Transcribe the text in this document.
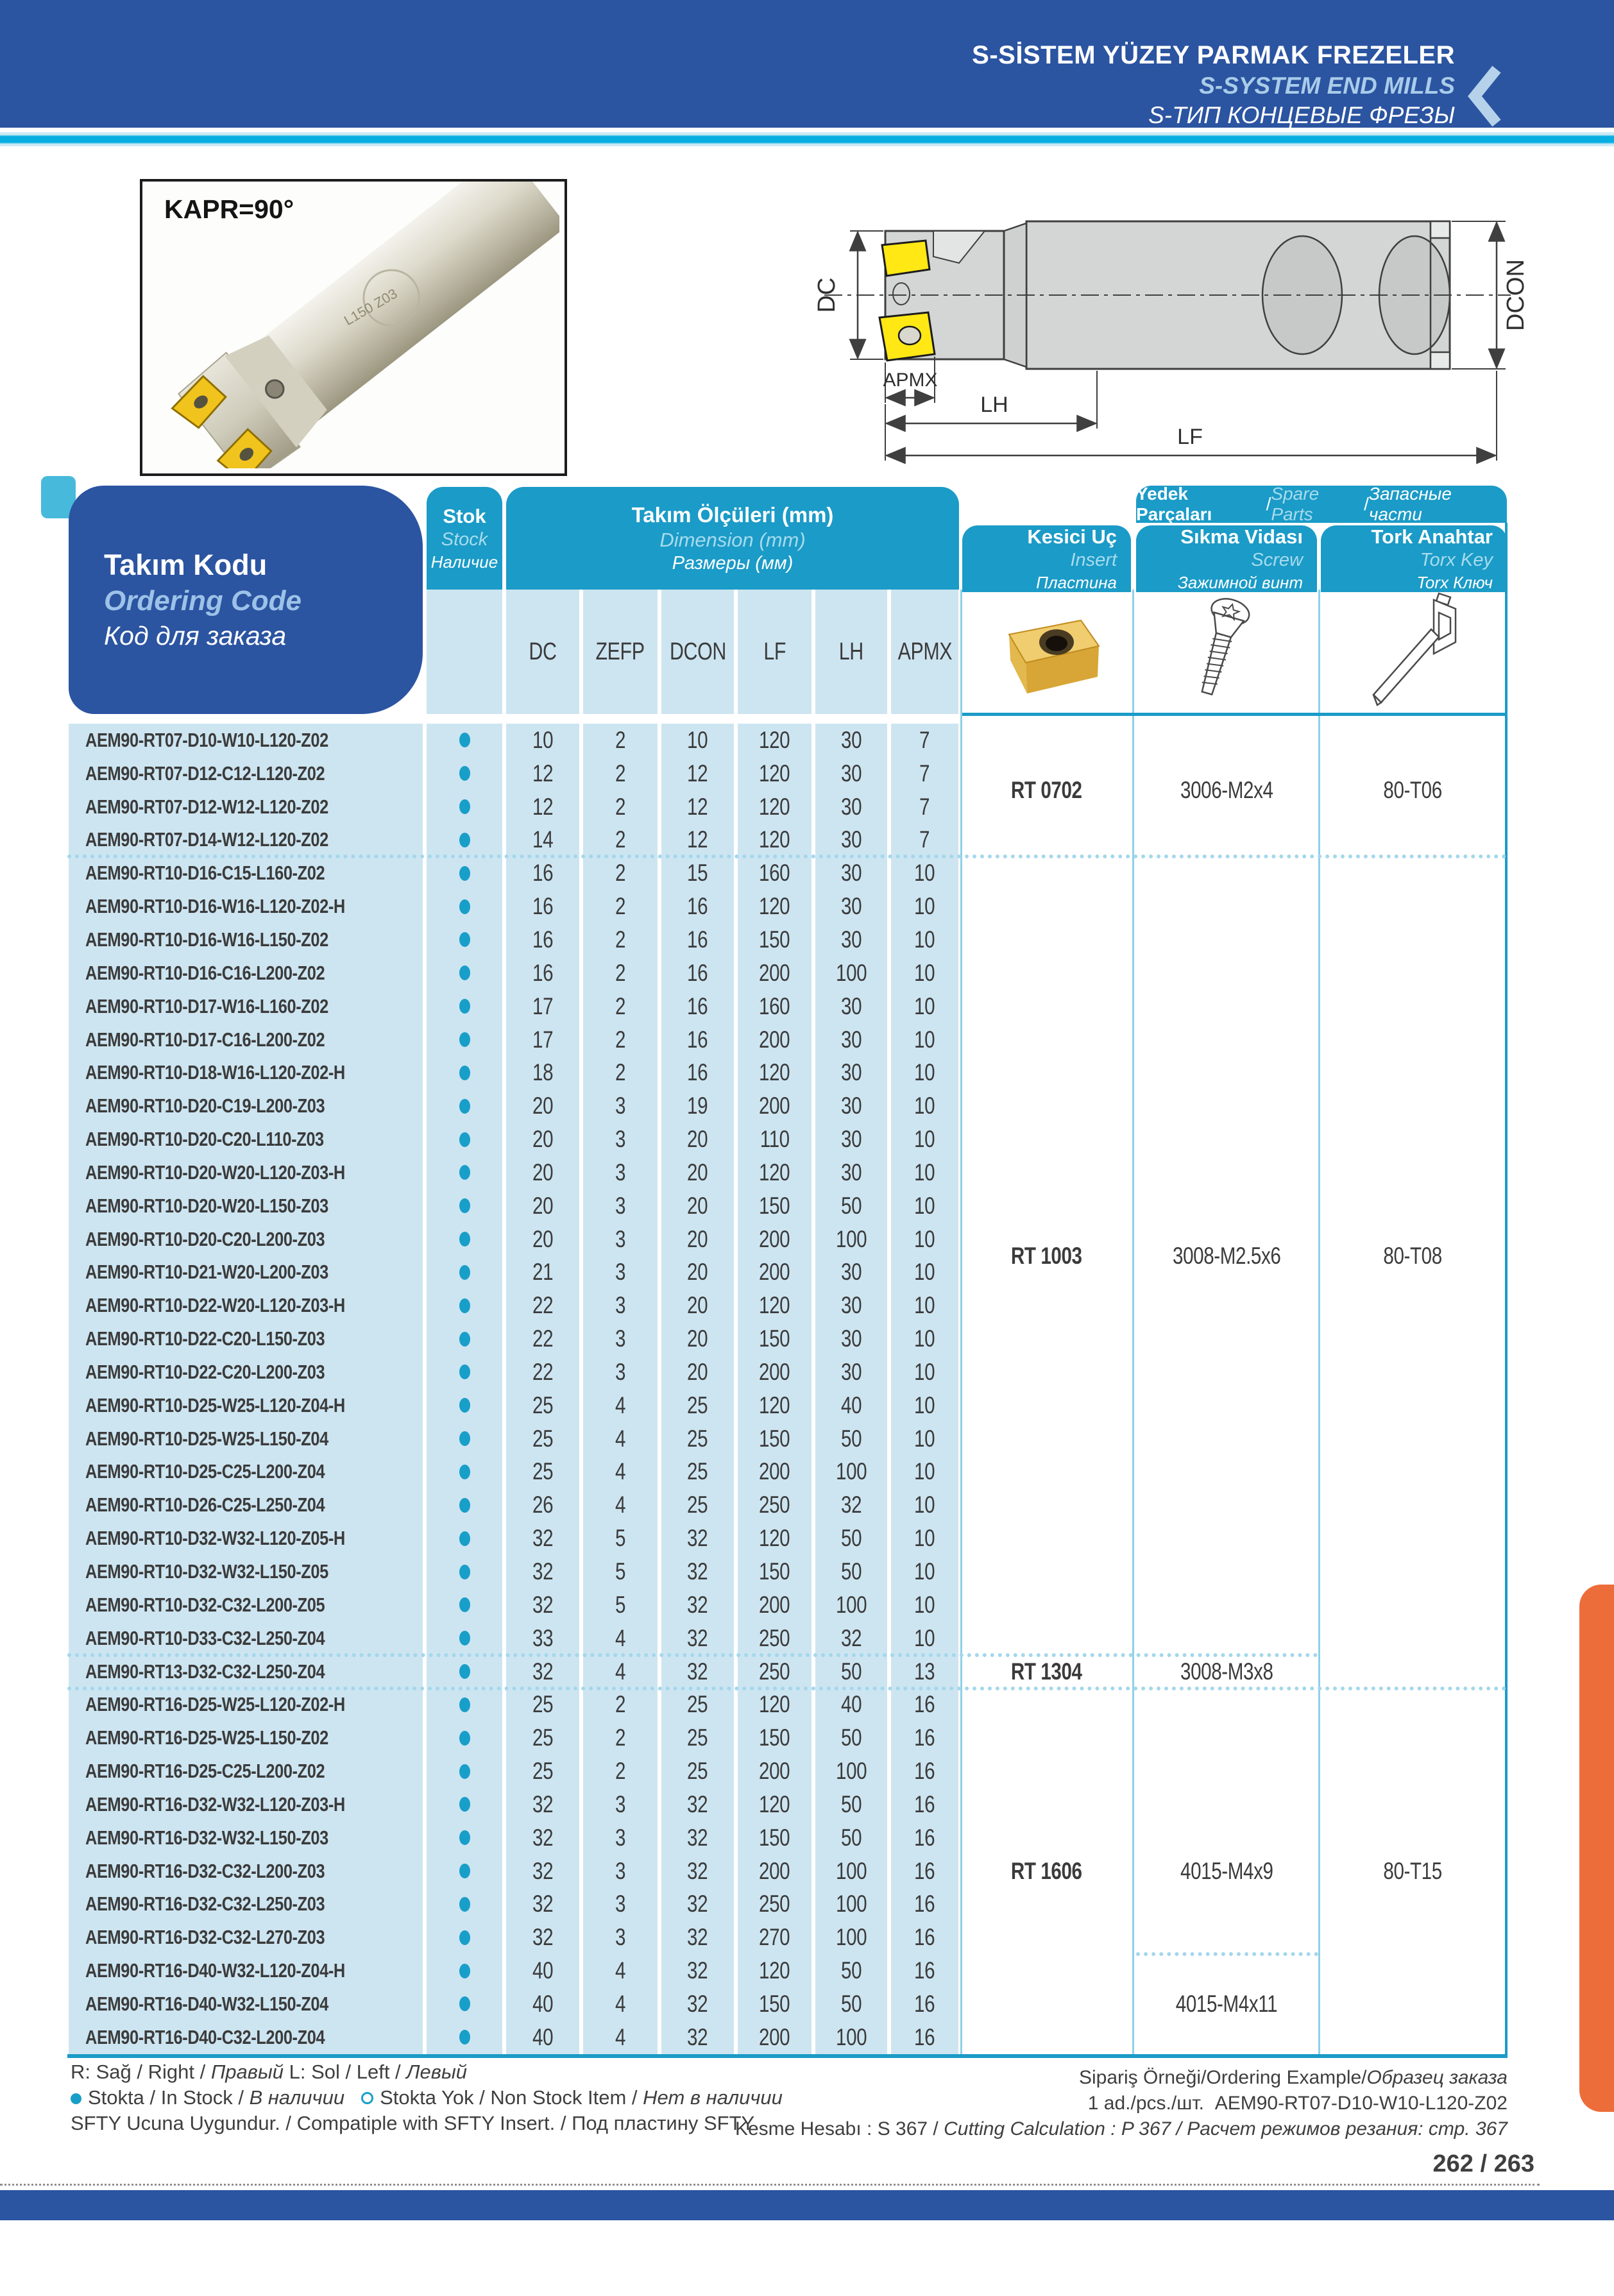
S-SİSTEM YÜZEY PARMAK FREZELER
S-SYSTEM END MILLS
S-ТИП КОНЦЕВЫЕ ФРЕЗЫ
KAPR=90°
L150 Z03	DC	DCON
APMX
LH
LF
Takım Kodu
Ordering Code
Код для заказа
Stok
Stock
Наличие
Takım Ölçüleri (mm)
Dimension (mm)
Размеры (мм)
Yedek Parçaları
/
Spare Parts
/
Запасные части
Kesici Uç
Insert
Пластина
Sıkma Vidası
Screw
Зажимной винт
Tork Anahtar
Torx Key
Torx Ключ
DC ZEFP DCON LF LH APMX
AEM90-RT07-D10-W10-L120-Z02	10	2	10 120 30 7
AEM90-RT07-D12-C12-L120-Z02	12	2	12 120 30 7
AEM90-RT07-D12-W12-L120-Z02	12	2	12 120 30 7
AEM90-RT07-D14-W12-L120-Z02	14	2	12 120 30 7
AEM90-RT10-D16-C15-L160-Z02	16	2	15 160 30 10
AEM90-RT10-D16-W16-L120-Z02-H	16	2	16 120 30 10
AEM90-RT10-D16-W16-L150-Z02	16	2	16 150 30 10
AEM90-RT10-D16-C16-L200-Z02	16	2	16 200 100 10
AEM90-RT10-D17-W16-L160-Z02	17	2	16 160 30 10
AEM90-RT10-D17-C16-L200-Z02	17	2	16 200 30 10
AEM90-RT10-D18-W16-L120-Z02-H	18	2	16 120 30 10
AEM90-RT10-D20-C19-L200-Z03	20	3	19 200 30 10
AEM90-RT10-D20-C20-L110-Z03	20	3	20 110 30 10
AEM90-RT10-D20-W20-L120-Z03-H	20	3	20 120 30 10
AEM90-RT10-D20-W20-L150-Z03	20	3	20 150 50 10
AEM90-RT10-D20-C20-L200-Z03	20	3	20 200 100 10
AEM90-RT10-D21-W20-L200-Z03	21	3	20 200 30 10
AEM90-RT10-D22-W20-L120-Z03-H	22	3	20 120 30 10
AEM90-RT10-D22-C20-L150-Z03	22	3	20 150 30 10
AEM90-RT10-D22-C20-L200-Z03	22	3	20 200 30 10
AEM90-RT10-D25-W25-L120-Z04-H	25	4	25 120 40 10
AEM90-RT10-D25-W25-L150-Z04	25	4	25 150 50 10
AEM90-RT10-D25-C25-L200-Z04	25	4	25 200 100 10
AEM90-RT10-D26-C25-L250-Z04	26	4	25 250 32 10
AEM90-RT10-D32-W32-L120-Z05-H	32	5	32 120 50 10
AEM90-RT10-D32-W32-L150-Z05	32	5	32 150 50 10
AEM90-RT10-D32-C32-L200-Z05	32	5	32 200 100 10
AEM90-RT10-D33-C32-L250-Z04	33	4	32 250 32 10
AEM90-RT13-D32-C32-L250-Z04	32	4	32 250 50 13
AEM90-RT16-D25-W25-L120-Z02-H	25	2	25 120 40 16
AEM90-RT16-D25-W25-L150-Z02	25	2	25 150 50 16
AEM90-RT16-D25-C25-L200-Z02	25	2	25 200 100 16
AEM90-RT16-D32-W32-L120-Z03-H	32	3	32 120 50 16
AEM90-RT16-D32-W32-L150-Z03	32	3	32 150 50 16
AEM90-RT16-D32-C32-L200-Z03	32	3	32 200 100 16
AEM90-RT16-D32-C32-L250-Z03	32	3	32 250 100 16
AEM90-RT16-D32-C32-L270-Z03	32	3	32 270 100 16
AEM90-RT16-D40-W32-L120-Z04-H	40	4	32 120 50 16
AEM90-RT16-D40-W32-L150-Z04	40	4	32 150 50 16
AEM90-RT16-D40-C32-L200-Z04	40	4	32 200 100 16
RT 0702	3006-M2x4	80-T06
RT 1003	3008-M2.5x6	80-T08
RT 1304	3008-M3x8
RT 1606	4015-M4x9
4015-M4x11
80-T15
R: Sağ / Right / Правый L: Sol / Left / Левый
Stokta / In Stock / В наличии Stokta Yok / Non Stock Item / Нет в наличии
SFTY Ucuna Uygundur. / Compatiple with SFTY Insert. / Под пластину SFTY
Sipariş Örneği/Ordering Example/Образец заказа
1 ad./pcs./шт. AEM90-RT07-D10-W10-L120-Z02
Kesme Hesabı : S 367 / Cutting Calculation : P 367 / Расчет режимов резания: стр. 367
262 / 263
